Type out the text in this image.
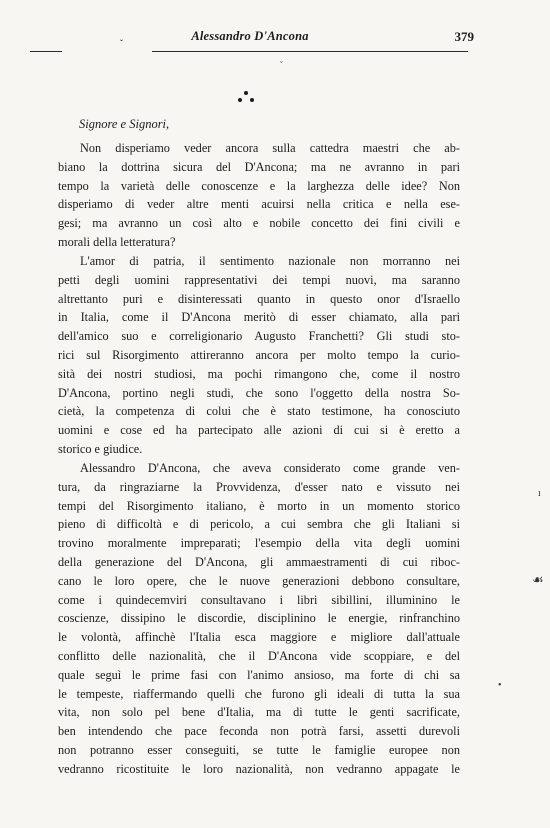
Alessandro D'Ancona	379
ˇ
ˇ
Signore e Signori,
Non disperiamo veder ancora sulla cattedra maestri che ab-
biano la dottrina sicura del D'Ancona; ma ne avranno in pari
tempo la varietà delle conoscenze e la larghezza delle idee? Non
disperiamo di veder altre menti acuirsi nella critica e nella ese-
gesi; ma avranno un così alto e nobile concetto dei fini civili e
morali della letteratura?
L'amor di patria, il sentimento nazionale non morranno nei
petti degli uomini rappresentativi dei tempi nuovi, ma saranno
altrettanto puri e disinteressati quanto in questo onor d'Israello
in Italia, come il D'Ancona meritò di esser chiamato, alla pari
dell'amico suo e correligionario Augusto Franchetti? Gli studi sto-
rici sul Risorgimento attireranno ancora per molto tempo la curio-
sità dei nostri studiosi, ma pochi rimangono che, come il nostro
D'Ancona, portino negli studi, che sono l'oggetto della nostra So-
cietà, la competenza di colui che è stato testimone, ha conosciuto
uomini e cose ed ha partecipato alle azioni di cui si è eretto a
storico e giudice.
Alessandro D'Ancona, che aveva considerato come grande ven-
tura, da ringraziarne la Provvidenza, d'esser nato e vissuto nei
tempi del Risorgimento italiano, è morto in un momento storico
pieno di difficoltà e di pericolo, a cui sembra che gli Italiani si
trovino moralmente impreparati; l'esempio della vita degli uomini
della generazione del D'Ancona, gli ammaestramenti di cui riboc-
cano le loro opere, che le nuove generazioni debbono consultare,
come i quindecemviri consultavano i libri sibillini, illuminino le
coscienze, dissipino le discordie, disciplinino le energie, rinfranchino
le volontà, affinchè l'Italia esca maggiore e migliore dall'attuale
conflitto delle nazionalità, che il D'Ancona vide scoppiare, e del
quale seguì le prime fasi con l'animo ansioso, ma forte di chi sa
le tempeste, riaffermando quelli che furono gli ideali di tutta la sua
vita, non solo pel bene d'Italia, ma di tutte le genti sacrificate,
ben intendendo che pace feconda non potrà farsi, assetti durevoli
non potranno esser conseguiti, se tutte le famiglie europee non
vedranno ricostituite le loro nazionalità, non vedranno appagate le
ı
☙
•
